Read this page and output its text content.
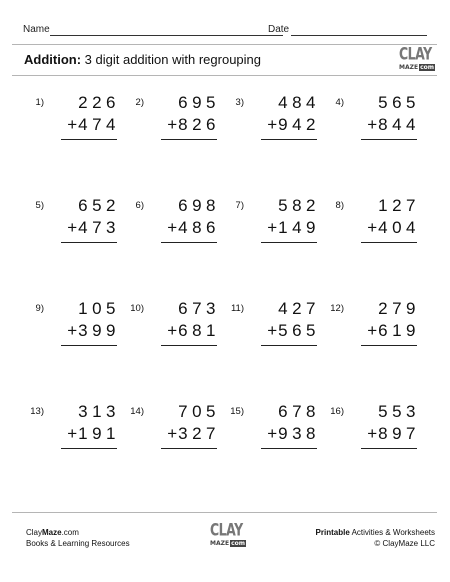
Name	Date
Addition: 3 digit addition with regrouping	CLAY
MAZE com
1) 226
+474
2) 695
+826
3) 484
+942
4) 565
+844
5) 652
+473
6) 698
+486
7) 582
+149
8) 127
+404
9) 105
+399
10) 673
+681
11) 427
+565
12) 279
+619
13) 313
+191
14) 705
+327
15) 678
+938
16) 553
+897
ClayMaze.com
Books & Learning Resources
CLAY
MAZE com
Printable Activities & Worksheets
© ClayMaze LLC
